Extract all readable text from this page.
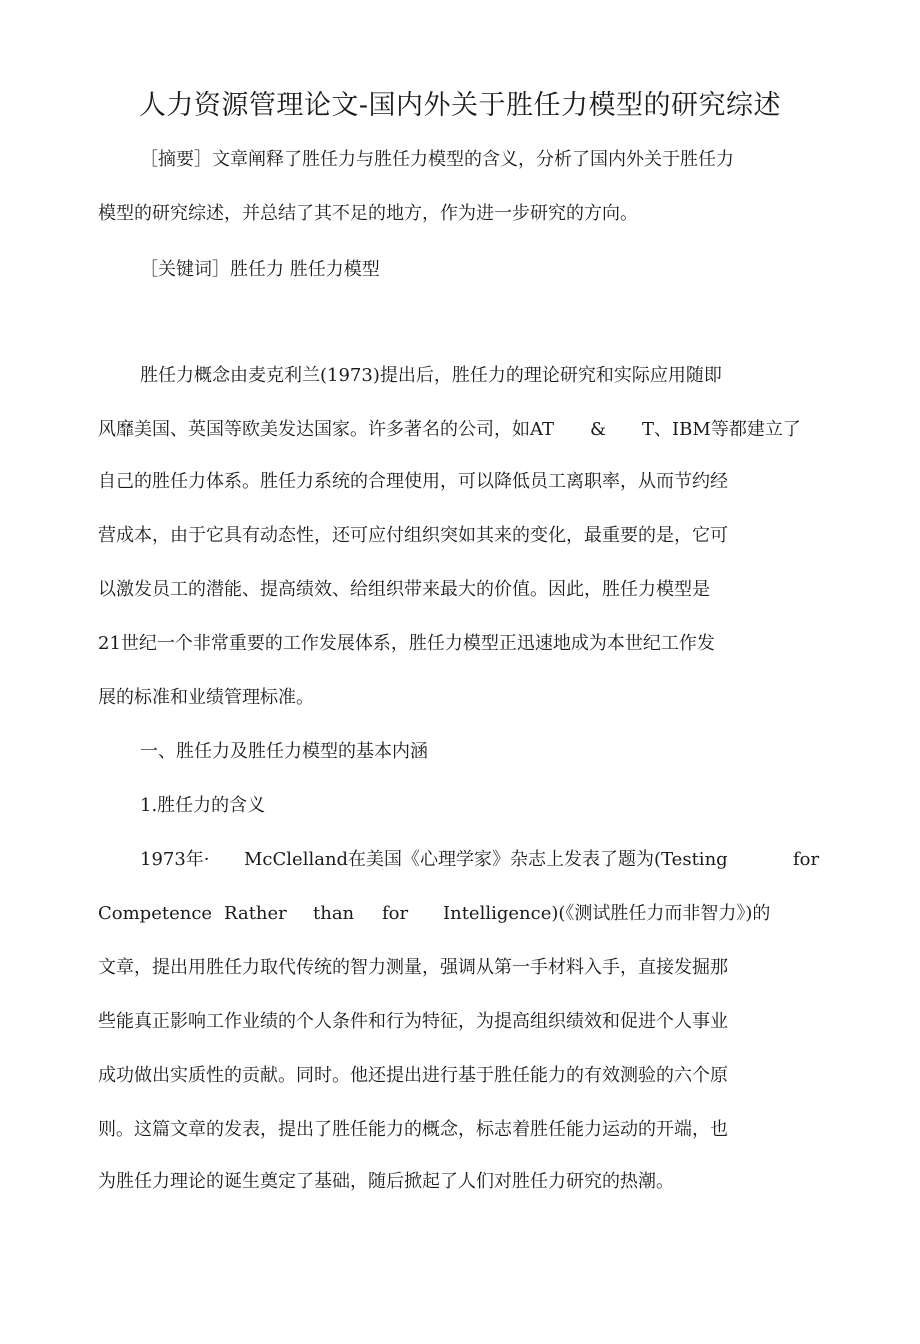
人力资源管理论文-国内外关于胜任力模型的研究综述
［摘要］文章阐释了胜任力与胜任力模型的含义，分析了国内外关于胜任力
模型的研究综述，并总结了其不足的地方，作为进一步研究的方向。
［关键词］胜任力 胜任力模型
胜任力概念由麦克利兰(1973)提出后，胜任力的理论研究和实际应用随即
风靡美国、英国等欧美发达国家。许多著名的公司，如AT　　&　　T、IBM等都建立了
自己的胜任力体系。胜任力系统的合理使用，可以降低员工离职率，从而节约经
营成本，由于它具有动态性，还可应付组织突如其来的变化，最重要的是，它可
以激发员工的潜能、提高绩效、给组织带来最大的价值。因此，胜任力模型是
21世纪一个非常重要的工作发展体系，胜任力模型正迅速地成为本世纪工作发
展的标准和业绩管理标准。
一、胜任力及胜任力模型的基本内涵
1.胜任力的含义
1973年· McClelland在美国《心理学家》杂志上发表了题为(Testing	for
Competence Rather than for Intelligence)(《测试胜任力而非智力》)的
文章，提出用胜任力取代传统的智力测量，强调从第一手材料入手，直接发掘那
些能真正影响工作业绩的个人条件和行为特征，为提高组织绩效和促进个人事业
成功做出实质性的贡献。同时。他还提出进行基于胜任能力的有效测验的六个原
则。这篇文章的发表，提出了胜任能力的概念，标志着胜任能力运动的开端，也
为胜任力理论的诞生奠定了基础，随后掀起了人们对胜任力研究的热潮。
